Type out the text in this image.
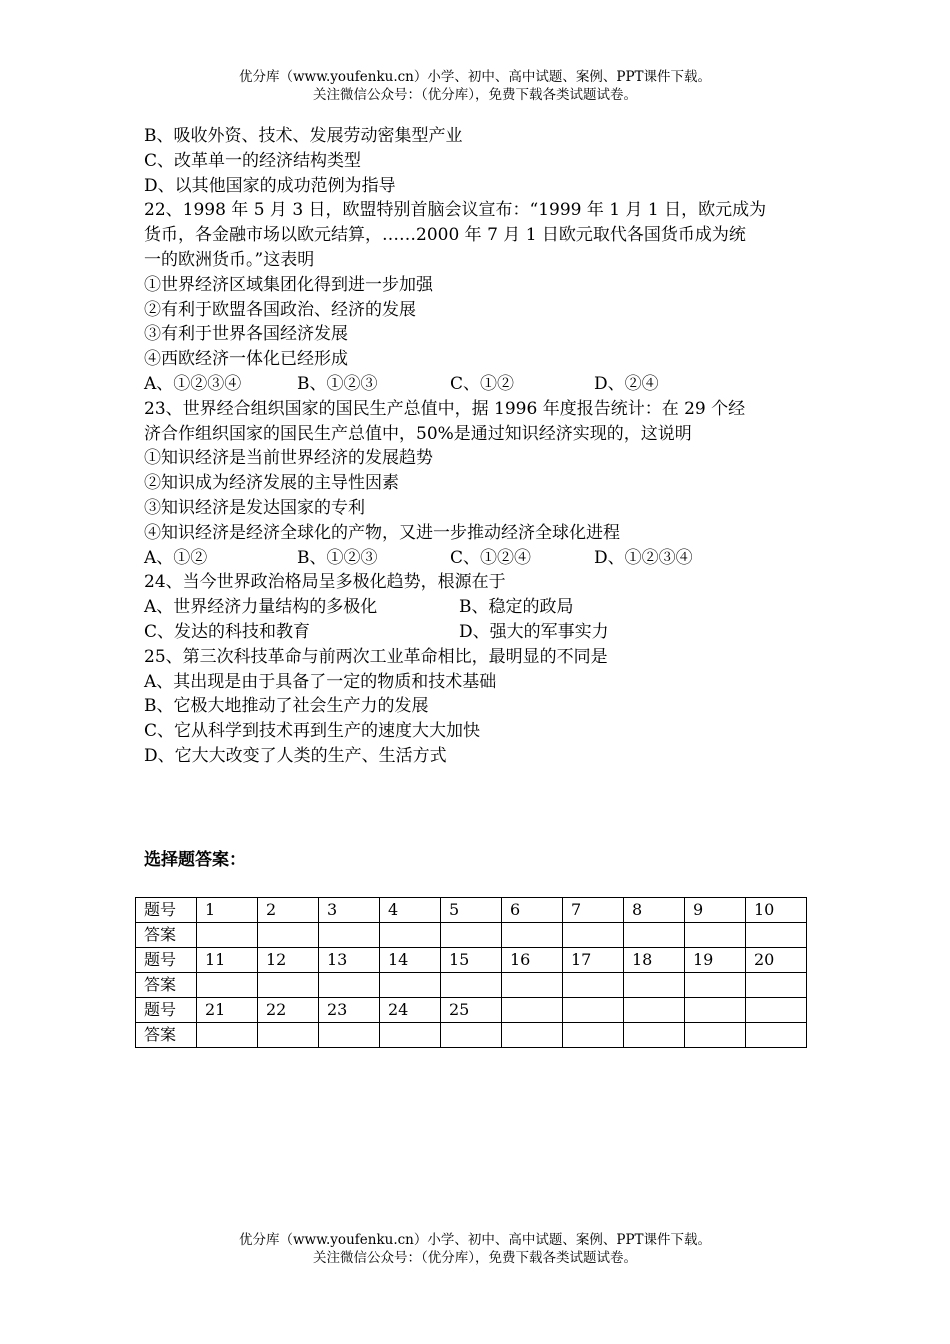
优分库（www.youfenku.cn）小学、初中、高中试题、案例、PPT课件下载。
关注微信公众号：（优分库），免费下载各类试题试卷。
B、吸收外资、技术、发展劳动密集型产业
C、改革单一的经济结构类型
D、以其他国家的成功范例为指导
22、1998 年 5 月 3 日，欧盟特别首脑会议宣布：“1999 年 1 月 1 日，欧元成为
货币，各金融市场以欧元结算，……2000 年 7 月 1 日欧元取代各国货币成为统
一的欧洲货币。”这表明
①世界经济区域集团化得到进一步加强
②有利于欧盟各国政治、经济的发展
③有利于世界各国经济发展
④西欧经济一体化已经形成
A、①②③④	B、①②③	C、①②	D、②④
23、世界经合组织国家的国民生产总值中，据 1996 年度报告统计：在 29 个经
济合作组织国家的国民生产总值中，50%是通过知识经济实现的，这说明
①知识经济是当前世界经济的发展趋势
②知识成为经济发展的主导性因素
③知识经济是发达国家的专利
④知识经济是经济全球化的产物，又进一步推动经济全球化进程
A、①②	B、①②③	C、①②④	D、①②③④
24、当今世界政治格局呈多极化趋势，根源在于
A、世界经济力量结构的多极化	B、稳定的政局
C、发达的科技和教育	D、强大的军事实力
25、第三次科技革命与前两次工业革命相比，最明显的不同是
A、其出现是由于具备了一定的物质和技术基础
B、它极大地推动了社会生产力的发展
C、它从科学到技术再到生产的速度大大加快
D、它大大改变了人类的生产、生活方式
选择题答案：
题号	1	2	3	4	5	6	7	8	9	10
答案										
题号	11	12	13	14	15	16	17	18	19	20
答案										
题号	21	22	23	24	25					
答案										
优分库（www.youfenku.cn）小学、初中、高中试题、案例、PPT课件下载。
关注微信公众号：（优分库），免费下载各类试题试卷。
